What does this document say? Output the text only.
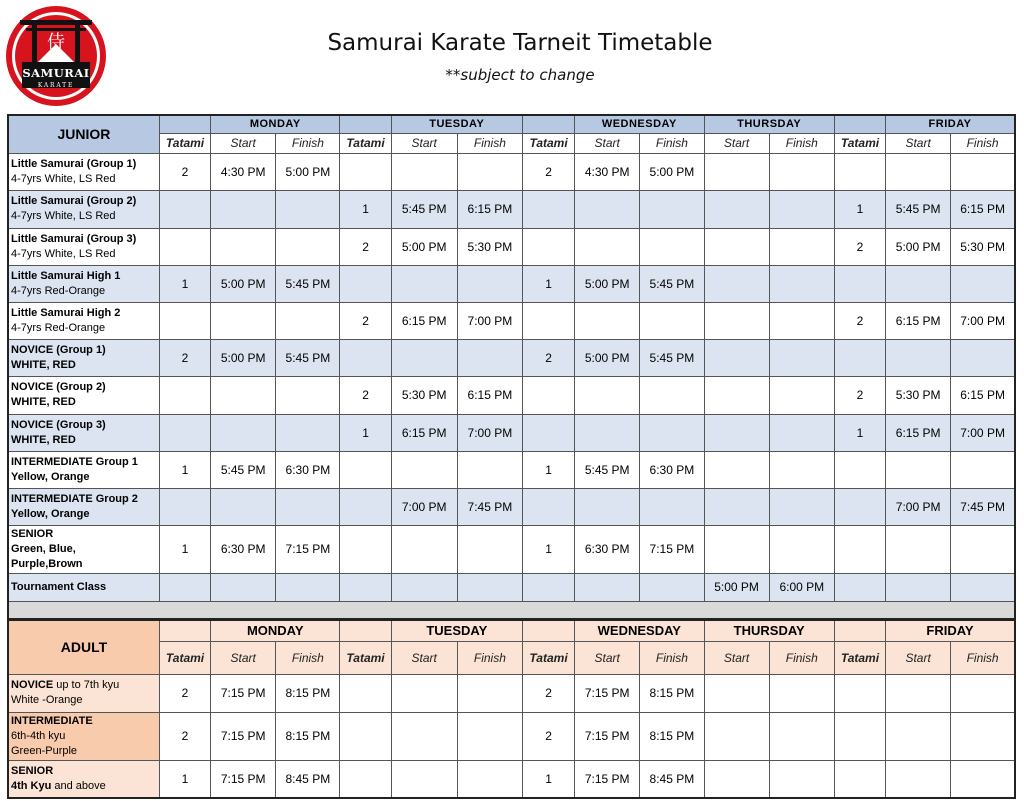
侍
SAMURAI
KARATE
Samurai Karate Tarneit Timetable
**subject to change
JUNIOR		MONDAY			TUESDAY			WEDNESDAY		THURSDAY			FRIDAY	
	Tatami	Start	Finish	Tatami	Start	Finish	Tatami	Start	Finish	Start	Finish	Tatami	Start	Finish

Little Samurai (Group 1)
4-7yrs White, LS Red	2	4:30 PM	5:00 PM				2	4:30 PM	5:00 PM					

Little Samurai (Group 2)
4-7yrs White, LS Red				1	5:45 PM	6:15 PM						1	5:45 PM	6:15 PM

Little Samurai (Group 3)
4-7yrs White, LS Red				2	5:00 PM	5:30 PM						2	5:00 PM	5:30 PM

Little Samurai High 1
4-7yrs Red-Orange	1	5:00 PM	5:45 PM				1	5:00 PM	5:45 PM					

Little Samurai High 2
4-7yrs Red-Orange				2	6:15 PM	7:00 PM						2	6:15 PM	7:00 PM

NOVICE (Group 1)
WHITE, RED	2	5:00 PM	5:45 PM				2	5:00 PM	5:45 PM					

NOVICE (Group 2)
WHITE, RED				2	5:30 PM	6:15 PM						2	5:30 PM	6:15 PM

NOVICE (Group 3)
WHITE, RED				1	6:15 PM	7:00 PM						1	6:15 PM	7:00 PM

INTERMEDIATE Group 1
Yellow, Orange	1	5:45 PM	6:30 PM				1	5:45 PM	6:30 PM					

INTERMEDIATE Group 2
Yellow, Orange					7:00 PM	7:45 PM							7:00 PM	7:45 PM

SENIOR
Green, Blue,
Purple,Brown	1	6:30 PM	7:15 PM				1	6:30 PM	7:15 PM					

Tournament Class										5:00 PM	6:00 PM			

ADULT		MONDAY			TUESDAY			WEDNESDAY		THURSDAY			FRIDAY	
	Tatami	Start	Finish	Tatami	Start	Finish	Tatami	Start	Finish	Start	Finish	Tatami	Start	Finish

NOVICE up to 7th kyu
White -Orange	2	7:15 PM	8:15 PM				2	7:15 PM	8:15 PM					

INTERMEDIATE
6th-4th kyu
Green-Purple	2	7:15 PM	8:15 PM				2	7:15 PM	8:15 PM					

SENIOR
4th Kyu and above	1	7:15 PM	8:45 PM				1	7:15 PM	8:45 PM					
